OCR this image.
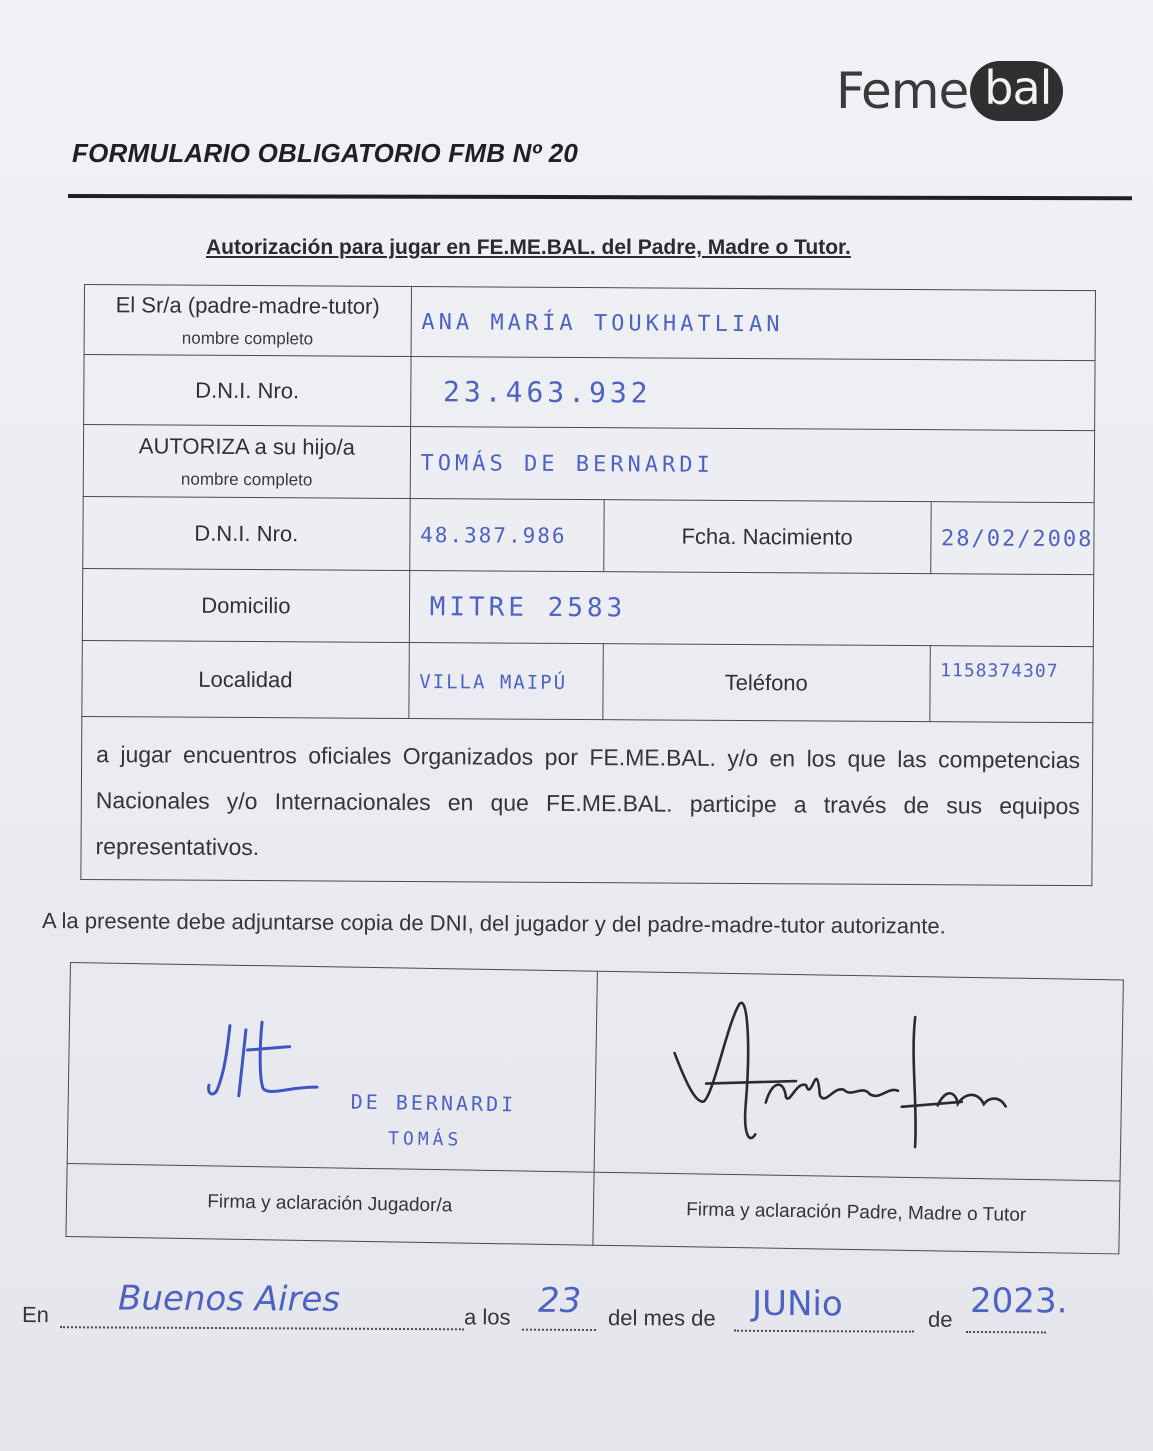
Feme bal
FORMULARIO OBLIGATORIO FMB Nº 20
Autorización para jugar en FE.ME.BAL. del Padre, Madre o Tutor.
El Sr/a (padre-madre-tutor)
nombre completo	ANA MARÍA TOUKHATLIAN		
D.N.I. Nro.	23.463.932		
AUTORIZA a su hijo/a
nombre completo	TOMÁS DE BERNARDI		
D.N.I. Nro.	48.387.986	Fcha. Nacimiento	28/02/2008
Domicilio	MITRE 2583		
Localidad	VILLA MAIPÚ	Teléfono	1158374307
a jugar encuentros oficiales Organizados por FE.ME.BAL. y/o en los que las competencias Nacionales y/o Internacionales en que FE.ME.BAL. participe a través de sus equipos representativos.			
A la presente debe adjuntarse copia de DNI, del jugador y del padre-madre-tutor autorizante.
DE BERNARDI
TOMÁS

Firma y aclaración Jugador/a	Firma y aclaración Padre, Madre o Tutor
En Buenos Aires	a los 23 del mes de JUNio	de 2023.
